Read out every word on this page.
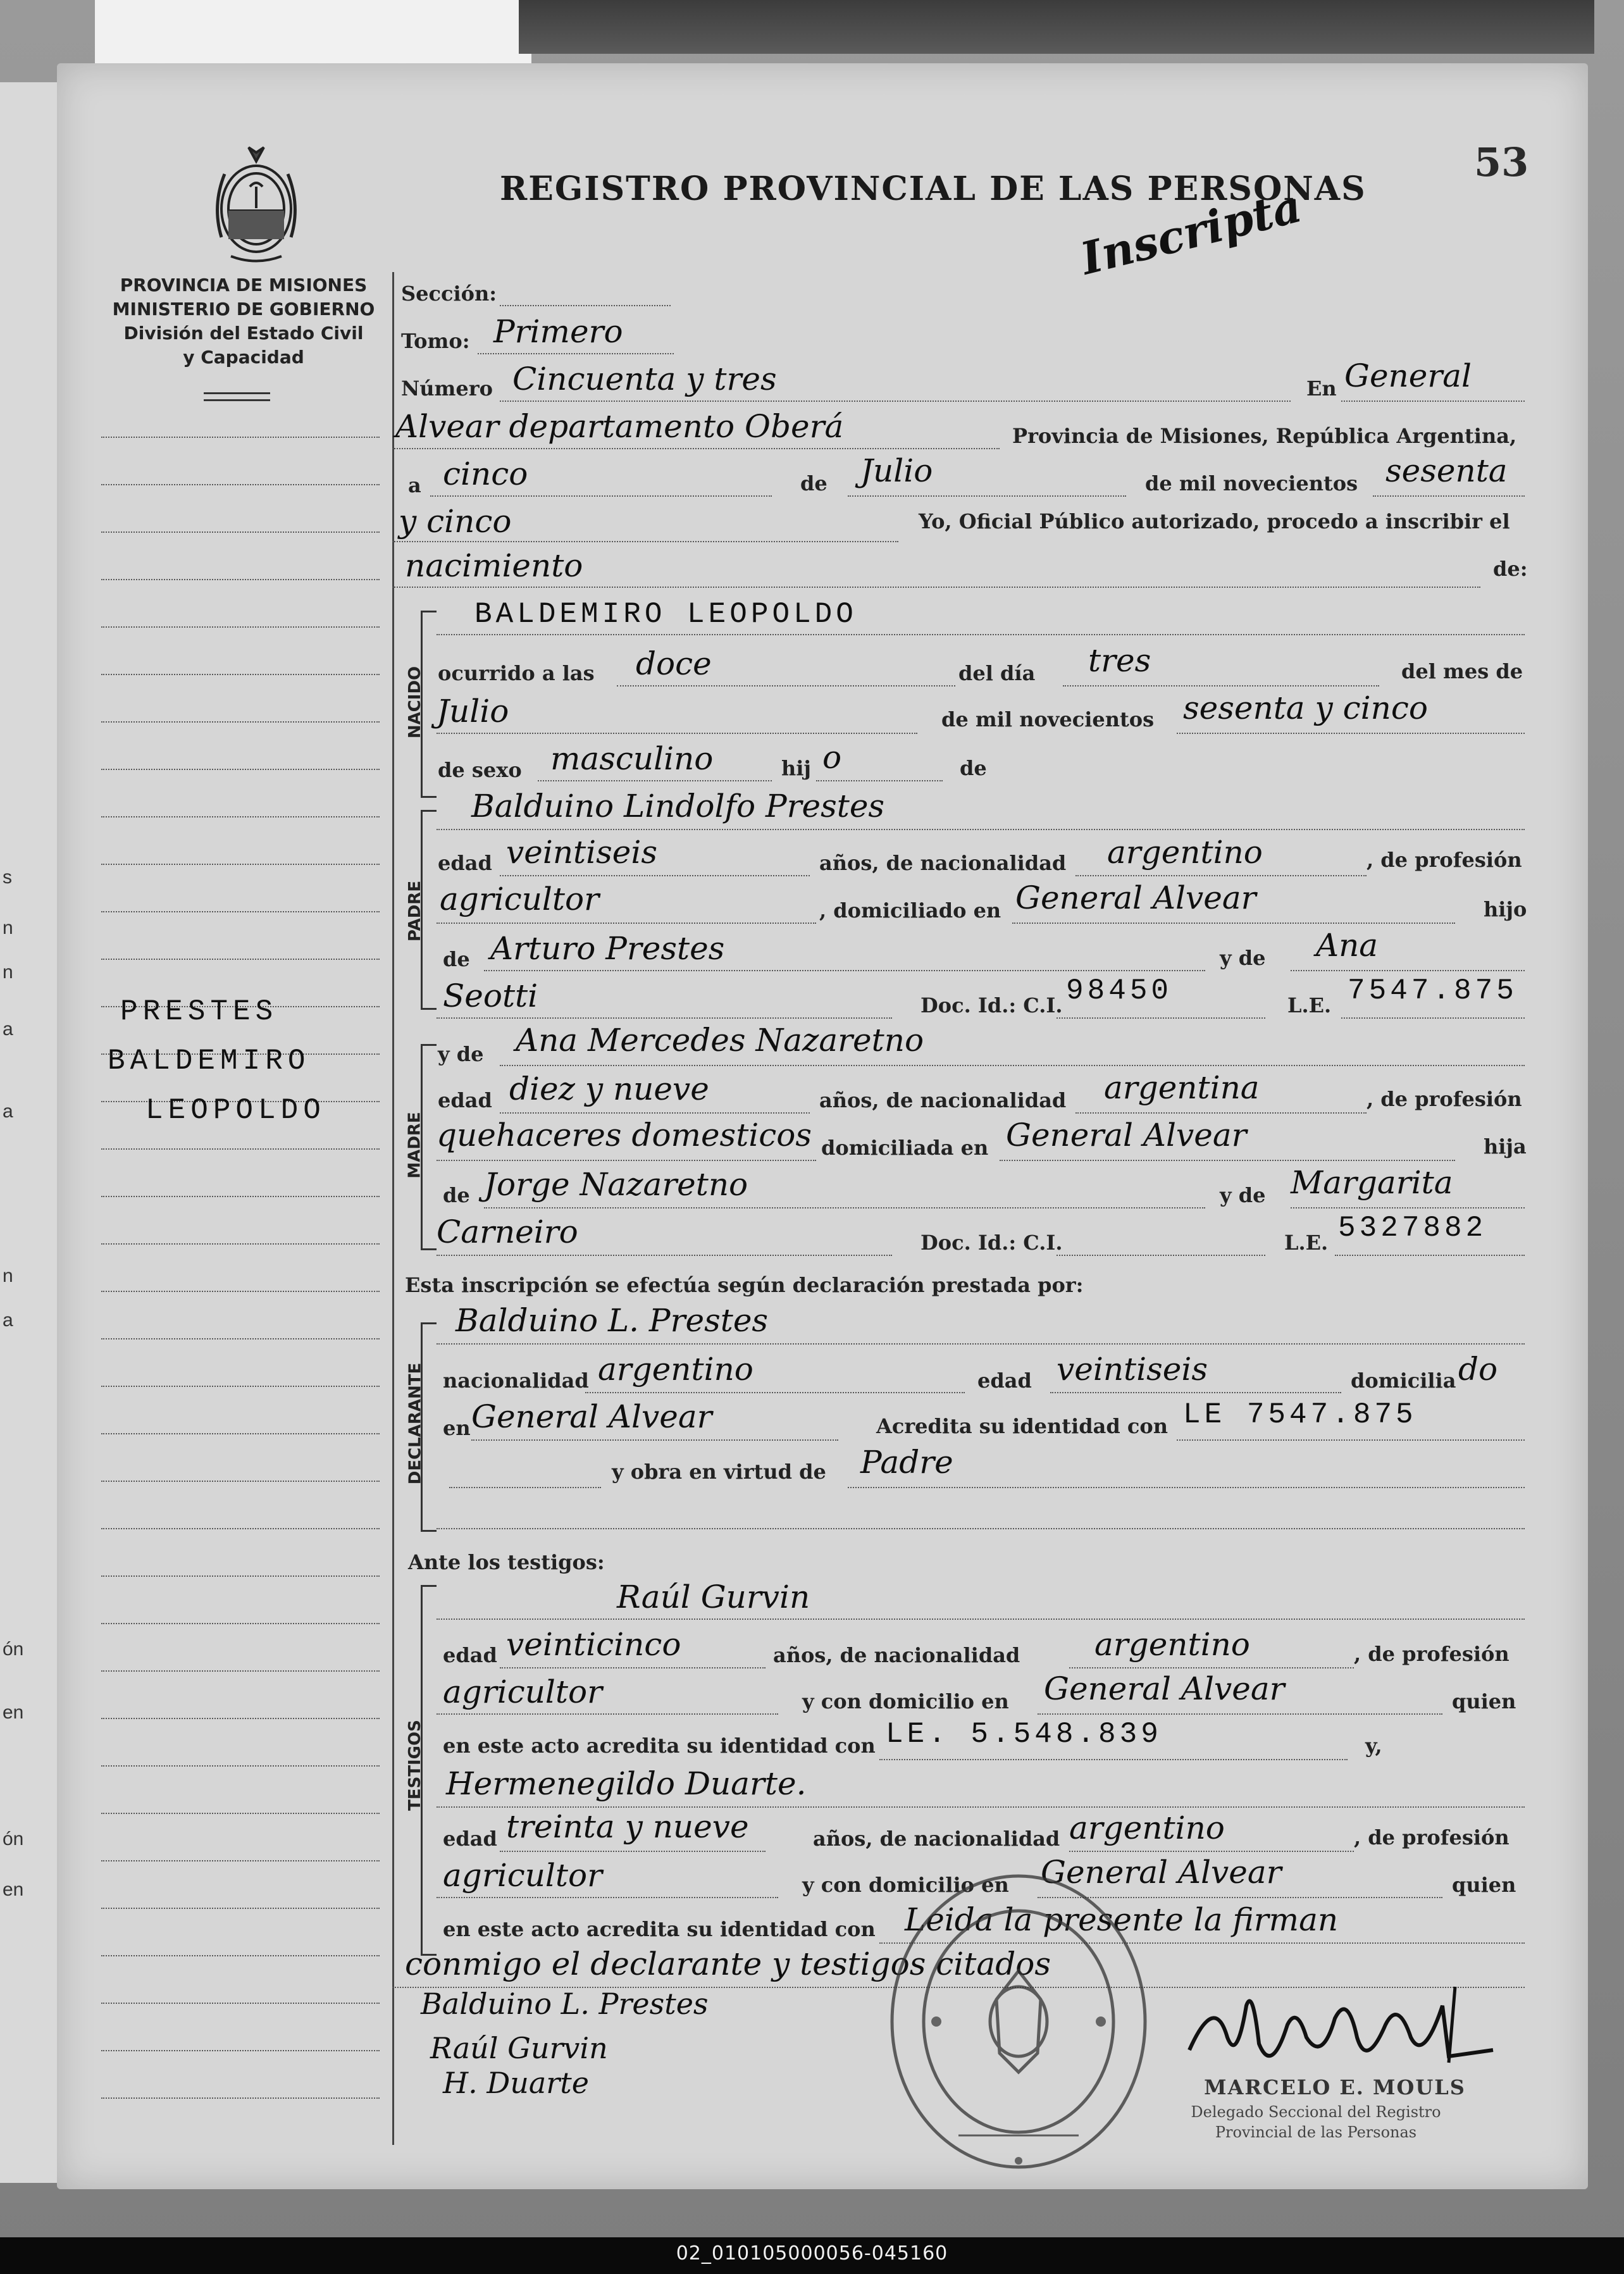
s
n
n
a
a
n
a
ón
en
ón
en
PROVINCIA DE MISIONES
MINISTERIO DE GOBIERNO
División del Estado Civil
y Capacidad
REGISTRO PROVINCIAL DE LAS PERSONAS
53
Inscripta
PRESTES
BALDEMIRO
LEOPOLDO
Sección:
Tomo: Primero
Número Cincuenta y tres	En General
Alvear departamento Oberá	Provincia de Misiones, República Argentina,
a cinco	de Julio	de mil novecientos sesenta
y cinco	Yo, Oficial Público autorizado, procedo a inscribir el
nacimiento	de:
NACIDO
BALDEMIRO LEOPOLDO
ocurrido a las doce	del día tres	del mes de
Julio	de mil novecientos sesenta y cinco
de sexo masculino	hij o	de
PADRE
Balduino Lindolfo Prestes
edad veintiseis	años, de nacionalidad argentino	, de profesión
agricultor	, domiciliado en General Alvear	hijo
de Arturo Prestes	y de Ana
Seotti	Doc. Id.: C.I. 98450	L.E. 7547.875
MADRE
y de Ana Mercedes Nazaretno
edad diez y nueve	años, de nacionalidad argentina	, de profesión
quehaceres domesticos domiciliada en General Alvear	hija
de Jorge Nazaretno	y de Margarita
Carneiro	Doc. Id.: C.I.	L.E. 5327882
Esta inscripción se efectúa según declaración prestada por:
DECLARANTE
Balduino L. Prestes
nacionalidad argentino	edad veintiseis	domicilia do
en General Alvear	Acredita su identidad con LE 7547.875
y obra en virtud de Padre
Ante los testigos:
TESTIGOS
Raúl Gurvin
edad veinticinco	años, de nacionalidad argentino	, de profesión
agricultor	y con domicilio en General Alvear	quien
en este acto acredita su identidad con LE. 5.548.839	y,
Hermenegildo Duarte.
edad treinta y nueve	años, de nacionalidad argentino	, de profesión
agricultor	y con domicilio en General Alvear	quien
en este acto acredita su identidad con Leida la presente la firman
conmigo el declarante y testigos citados
Balduino L. Prestes
Raúl Gurvin
H. Duarte	MARCELO E. MOULS
Delegado Seccional del Registro
Provincial de las Personas
02_010105000056-045160
